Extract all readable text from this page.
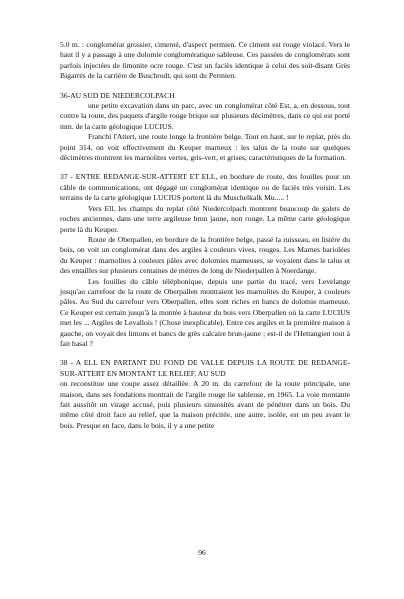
5.0 m. : conglomérat grossier, cimenté, d'aspect permien. Ce ciment est rouge violacé. Vers le haut il y a passage à une dolomie conglomératique sableuse. Ces passées de conglomérats sont parfois injectées de limonite ocre rouge. C'est un faciès identique à celui des soit-disant Grès Bigarrés de la carrière de Buschrodt, qui sont du Permien.

36-AU SUD DE NIEDERCOLPACH

une petite excavation dans un parc, avec un conglomérat côté Est, a, en dessous, tout contre la route, des paquets d'argile rouge brique sur plusieurs décimètres, dans ce qui est porté mm. de la carte géologique LUCIUS.

Franchi l'Attert, une route longe la frontière belge. Tout en haut, sur le replat, près du point 314, on voit effectivement du Keuper marneux : les talus de la route sur quelques décimètres montrent les marnolites vertes, gris-vert, et grises, caractéristiques de la formation.

37 - ENTRE REDANGE-SUR-ATTERT ET ELL, en bordure de route, des fouilles pour un câble de communications, ont dégagé un conglomérat identique ou de faciès très voisin. Les terrains de la carte géologique LUCIUS portent là du Muschelkalk Mu..... !

Vers Ell, les champs du replat côté Niedercolpach montrent beaucoup de galets de roches anciennes, dans une terre argileuse brun jaune, non rouge. La même carte géologique porte là du Keuper.

Route de Oberpallen, en bordure de la frontière belge, passé la ruisseau, en lisière du bois, on voit un conglomérat dans des argiles à couleurs vives, rouges. Les Marnes bariolées du Keuper : marnolites à couleurs pâles avec dolomies marneuses, se voyaient dans le talus et des entailles sur plusieurs centaines de mètres de long de Niederpallen à Noerdange.

Les fouilles du câble téléphonique, depuis une partie du tracé, vers Levelange jusqu'au carrefour de la route de Oberpallen montraient les marnolites du Keuper, à couleurs pâles. Au Sud du carrefour vers Oberpallen, elles sont riches en bancs de dolomie marneuse. Ce Keuper est certain jusqu'à la montée à hauteur du bois vers Oberpallen où la carte LUCIUS met les ... Argiles de Levallois ! (Chose inexplicable). Entre ces argiles et la première maison à gauche, on voyait des limons et bancs de grès calcaire brun-jaune ; est-il de l'Hettangien tout à fait basal ?

38 - A ELL EN PARTANT DU FOND DE VALLE DEPUIS LA ROUTE DE REDANGE-SUR-ATTERT EN MONTANT LE RELIEF, AU SUD

on reconstitue une coupe assez détaillée. A 20 m. du carrefour de la route principale, une maison, dans ses fondations montrait de l'argile rouge lie sableuse, en 1965. La voie montante fait aussitôt un virage accusé, puis plusieurs sinuosités avant de pénétrer dans un bois. Du même côté droit face au relief, que la maison précitée, une autre, isolée, est un peu avant le bois. Presque en face, dans le bois, il y a une petite

96
